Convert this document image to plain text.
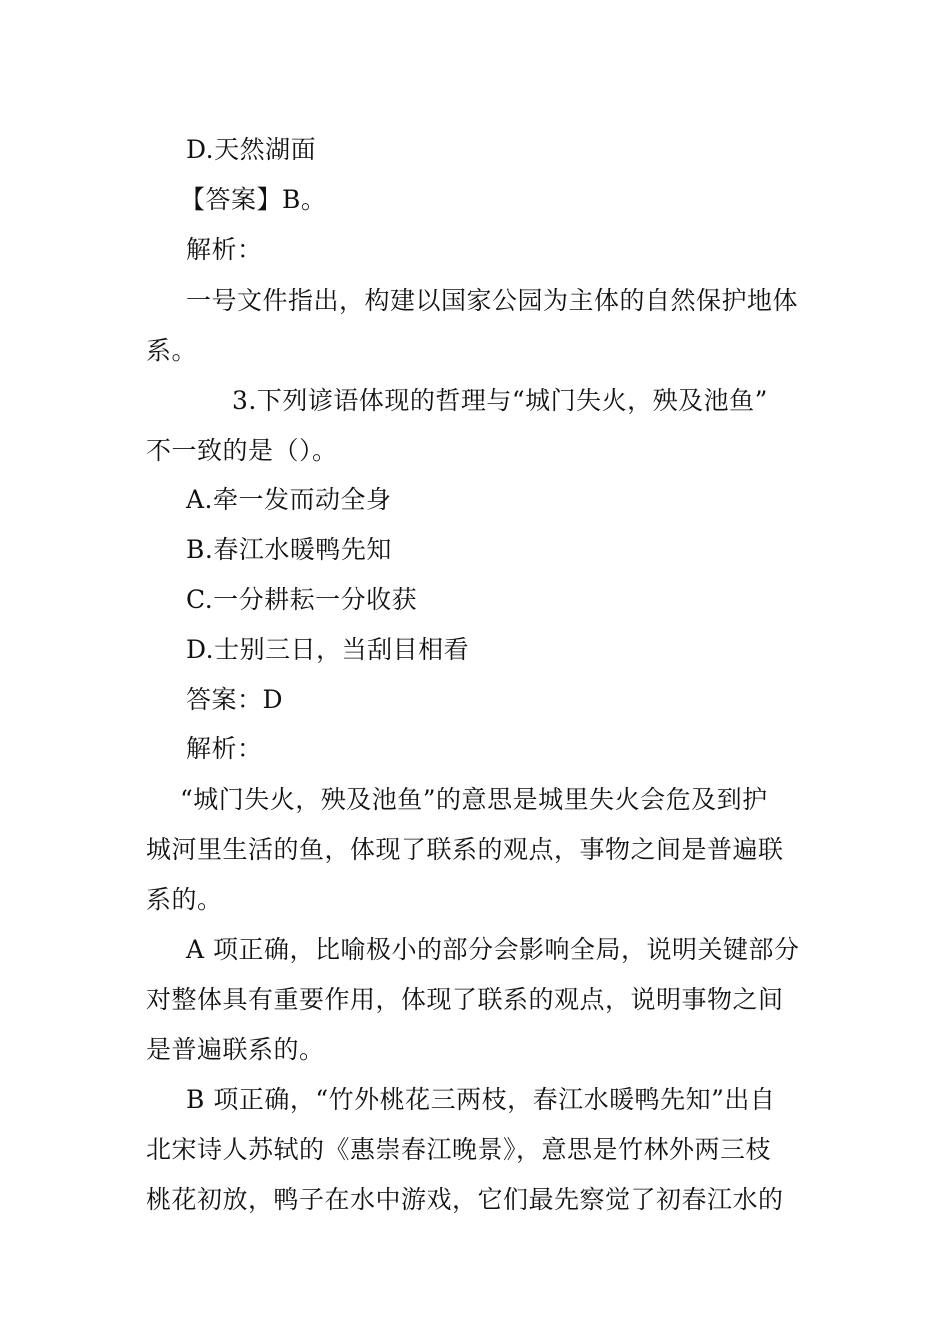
D.天然湖面
【答案】B。
解析：
一号文件指出，构建以国家公园为主体的自然保护地体
系。
3.下列谚语体现的哲理与“城门失火，殃及池鱼”
不一致的是（）。
A.牵一发而动全身
B.春江水暖鸭先知
C.一分耕耘一分收获
D.士别三日，当刮目相看
答案：D
解析：
“城门失火，殃及池鱼”的意思是城里失火会危及到护
城河里生活的鱼，体现了联系的观点，事物之间是普遍联
系的。
A 项正确，比喻极小的部分会影响全局，说明关键部分
对整体具有重要作用，体现了联系的观点，说明事物之间
是普遍联系的。
B 项正确，“竹外桃花三两枝，春江水暖鸭先知”出自
北宋诗人苏轼的《惠崇春江晚景》，意思是竹林外两三枝
桃花初放，鸭子在水中游戏，它们最先察觉了初春江水的
